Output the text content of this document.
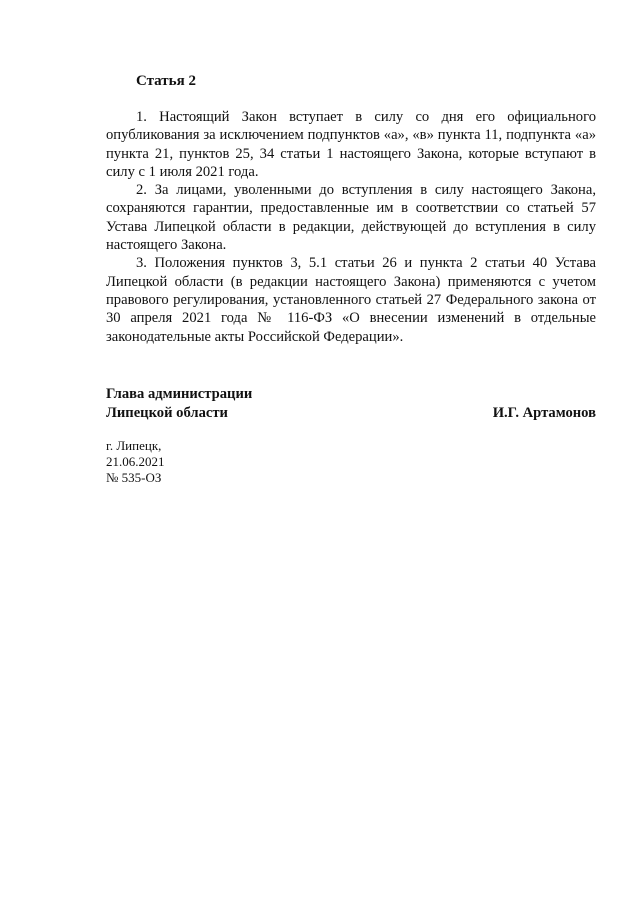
Статья 2

1. Настоящий Закон вступает в силу со дня его официального опубликования за исключением подпунктов «а», «в» пункта 11, подпункта «а» пункта 21, пунктов 25, 34 статьи 1 настоящего Закона, которые вступают в силу с 1 июля 2021 года.

2. За лицами, уволенными до вступления в силу настоящего Закона, сохраняются гарантии, предоставленные им в соответствии со статьей 57 Устава Липецкой области в редакции, действующей до вступления в силу настоящего Закона.

3. Положения пунктов 3, 5.1 статьи 26 и пункта 2 статьи 40 Устава Липецкой области (в редакции настоящего Закона) применяются с учетом правового регулирования, установленного статьей 27 Федерального закона от 30 апреля 2021 года № 116-ФЗ «О внесении изменений в отдельные законодательные акты Российской Федерации».

Глава администрации
Липецкой области	И.Г. Артамонов
г. Липецк,
21.06.2021
№ 535-ОЗ
